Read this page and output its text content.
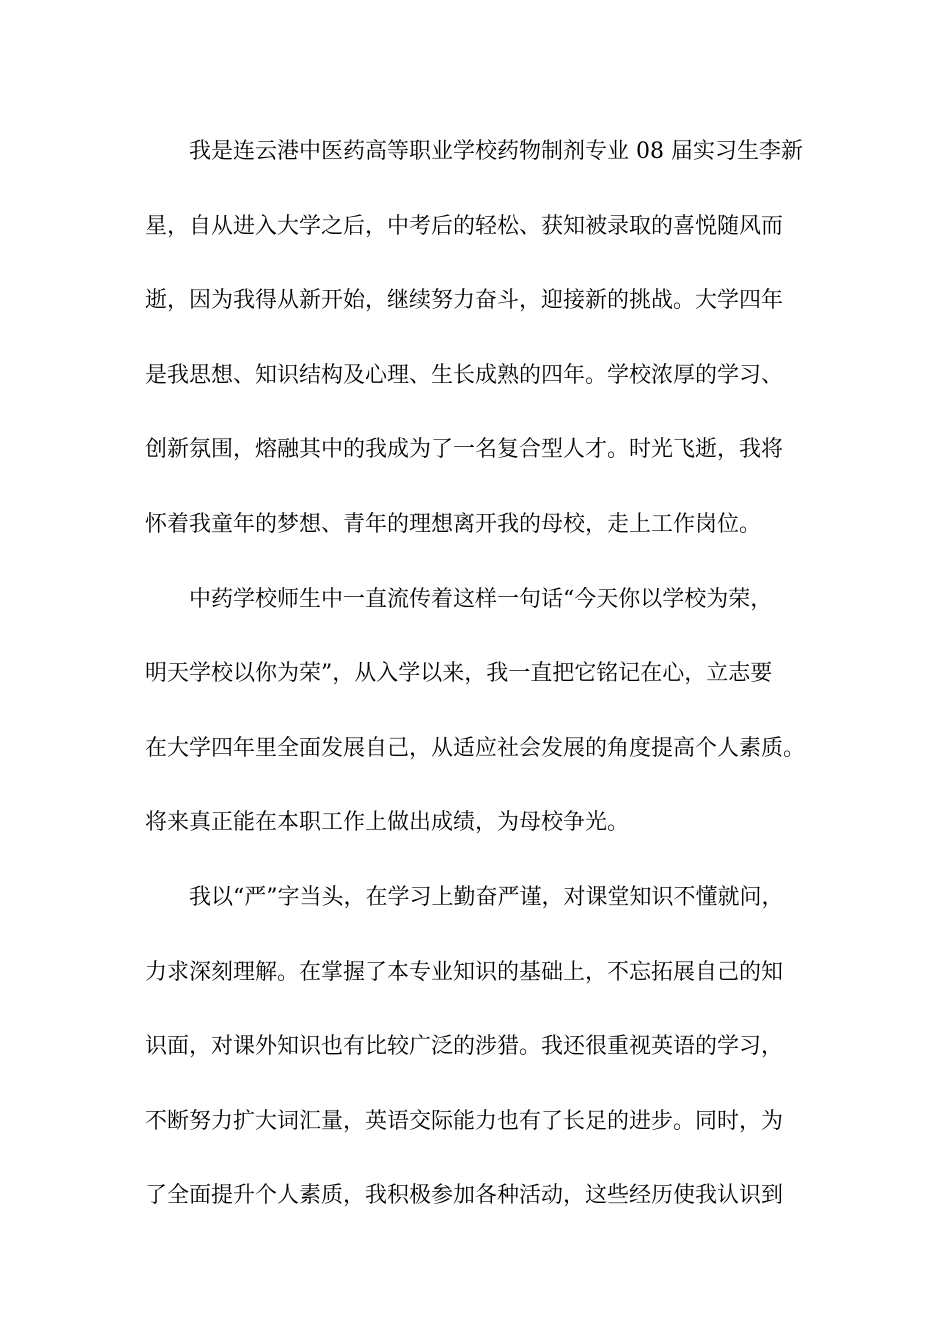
我是连云港中医药高等职业学校药物制剂专业 08 届实习生李新
星，自从进入大学之后，中考后的轻松、获知被录取的喜悦随风而
逝，因为我得从新开始，继续努力奋斗，迎接新的挑战。大学四年
是我思想、知识结构及心理、生长成熟的四年。学校浓厚的学习、
创新氛围，熔融其中的我成为了一名复合型人才。时光飞逝，我将
怀着我童年的梦想、青年的理想离开我的母校，走上工作岗位。
中药学校师生中一直流传着这样一句话“今天你以学校为荣，
明天学校以你为荣”，从入学以来，我一直把它铭记在心，立志要
在大学四年里全面发展自己，从适应社会发展的角度提高个人素质。
将来真正能在本职工作上做出成绩，为母校争光。
我以“严”字当头，在学习上勤奋严谨，对课堂知识不懂就问，
力求深刻理解。在掌握了本专业知识的基础上，不忘拓展自己的知
识面，对课外知识也有比较广泛的涉猎。我还很重视英语的学习，
不断努力扩大词汇量，英语交际能力也有了长足的进步。同时，为
了全面提升个人素质，我积极参加各种活动，这些经历使我认识到
